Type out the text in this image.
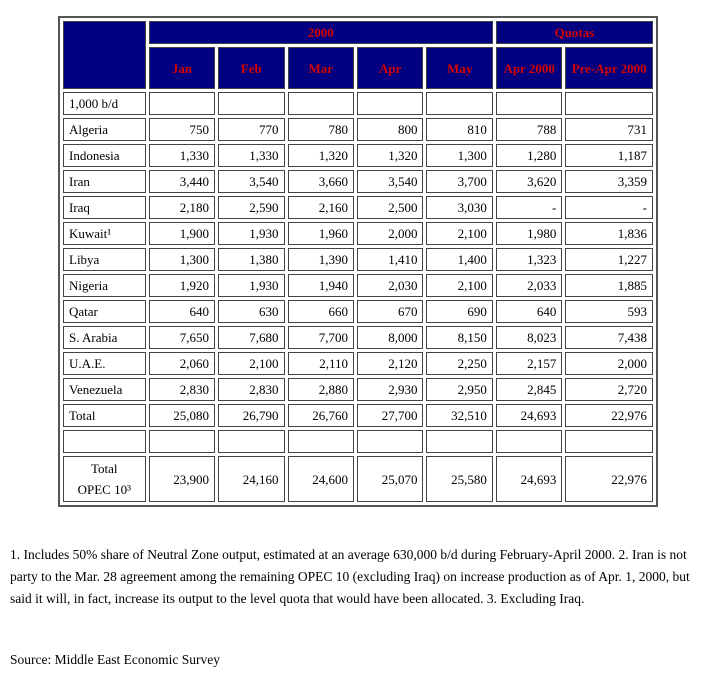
	2000					Quotas	
	Jan	Feb	Mar	Apr	May	Apr 2000	Pre-Apr 2000
1,000 b/d							
Algeria	750	770	780	800	810	788	731
Indonesia	1,330	1,330	1,320	1,320	1,300	1,280	1,187
Iran	3,440	3,540	3,660	3,540	3,700	3,620	3,359
Iraq	2,180	2,590	2,160	2,500	3,030	-	-
Kuwait¹	1,900	1,930	1,960	2,000	2,100	1,980	1,836
Libya	1,300	1,380	1,390	1,410	1,400	1,323	1,227
Nigeria	1,920	1,930	1,940	2,030	2,100	2,033	1,885
Qatar	640	630	660	670	690	640	593
S. Arabia	7,650	7,680	7,700	8,000	8,150	8,023	7,438
U.A.E.	2,060	2,100	2,110	2,120	2,250	2,157	2,000
Venezuela	2,830	2,830	2,880	2,930	2,950	2,845	2,720
Total	25,080	26,790	26,760	27,700	32,510	24,693	22,976

Total
OPEC 10³	23,900	24,160	24,600	25,070	25,580	24,693	22,976
1. Includes 50% share of Neutral Zone output, estimated at an average 630,000 b/d during February-April 2000. 2. Iran is not party to the Mar. 28 agreement among the remaining OPEC 10 (excluding Iraq) on increase production as of Apr. 1, 2000, but said it will, in fact, increase its output to the level quota that would have been allocated. 3. Excluding Iraq.
Source: Middle East Economic Survey
